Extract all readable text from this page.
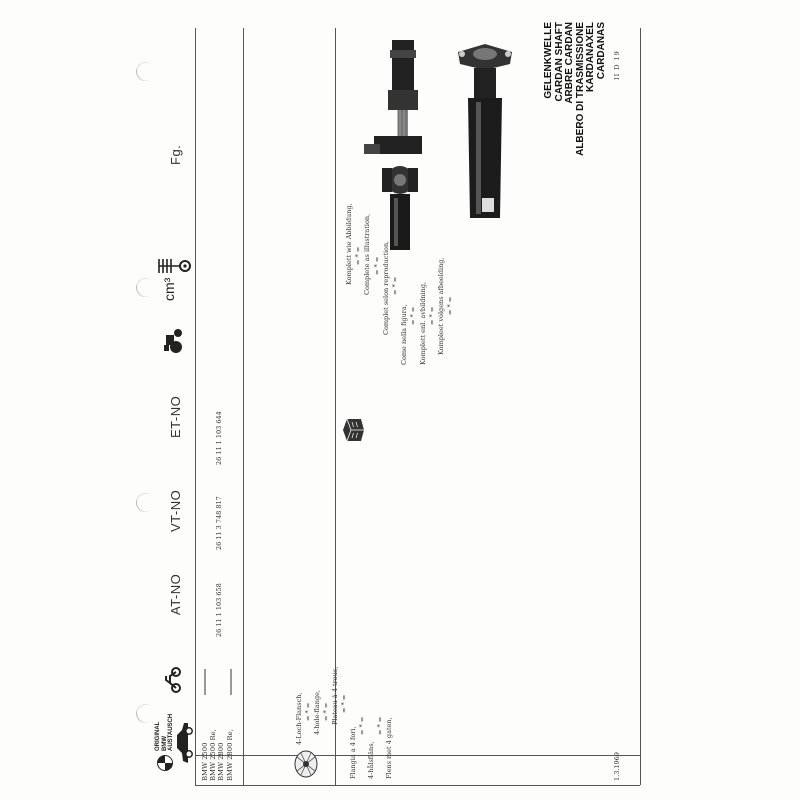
ORIGINAL BMW AUSTAUSCH
AT-NO
VT-NO
ET-NO
cm³
Fg.
BMW 2500 BMW 2500 Re, BMW 2800 BMW 2800 Re,
26 11 1 103 658
26 11 3 748 817
26 11 1 103 644
4-Loch-Flansch, = * = 4-hole-flange, = * = Plateau à 4 trous, = * =
Flangia a 4 fori,
= * =
4-hålsfläns,
= * = Flens met 4 gaten,
Komplett wie Abbildung, = * = Complete as illustration, = * = Complet selon reproduction, = * =
Come nella figura, = * = Komplett enl. avbildning, = * = Kompleet volgens afbeelding, = * =
1.3.1969
II D 19
GELENKWELLE CARDAN SHAFT ARBRE CARDAN ALBERO DI TRASMISSIONE KARDANAXEL CARDANAS
